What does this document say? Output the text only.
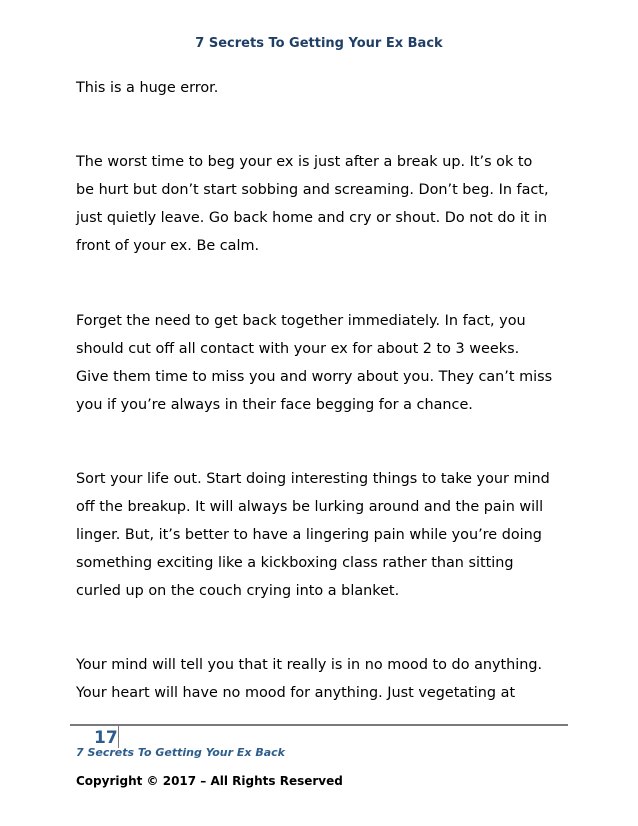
7 Secrets To Getting Your Ex Back

This is a huge error.

The worst time to beg your ex is just after a break up. It’s ok to

be hurt but don’t start sobbing and screaming. Don’t beg. In fact,

just quietly leave. Go back home and cry or shout. Do not do it in

front of your ex. Be calm.

Forget the need to get back together immediately. In fact, you

should cut off all contact with your ex for about 2 to 3 weeks.

Give them time to miss you and worry about you. They can’t miss

you if you’re always in their face begging for a chance.

Sort your life out. Start doing interesting things to take your mind

off the breakup. It will always be lurking around and the pain will

linger. But, it’s better to have a lingering pain while you’re doing

something exciting like a kickboxing class rather than sitting

curled up on the couch crying into a blanket.

Your mind will tell you that it really is in no mood to do anything.

Your heart will have no mood for anything. Just vegetating at

17
7 Secrets To Getting Your Ex Back
Copyright © 2017 – All Rights Reserved
